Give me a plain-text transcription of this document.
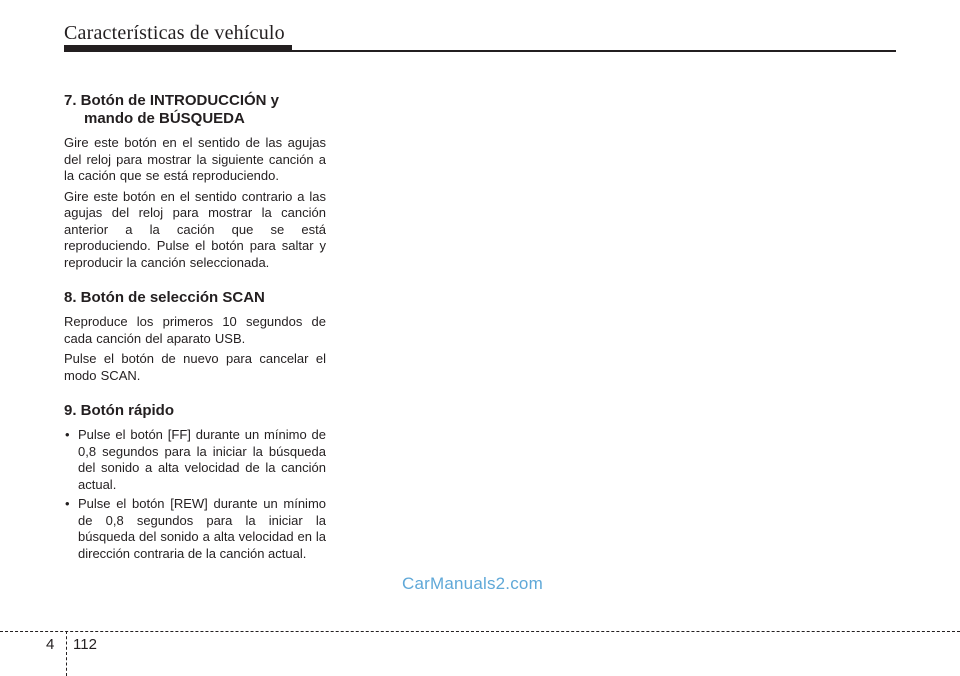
Características de vehículo
7. Botón de INTRODUCCIÓN y
mando de BÚSQUEDA

Gire este botón en el sentido de las agujas del reloj para mostrar la siguiente canción a la cación que se está reproduciendo.

Gire este botón en el sentido contrario a las agujas del reloj para mostrar la canción anterior a la cación que se está reproduciendo. Pulse el botón para saltar y reproducir la canción seleccionada.

8. Botón de selección SCAN

Reproduce los primeros 10 segundos de cada canción del aparato USB.

Pulse el botón de nuevo para cancelar el modo SCAN.

9. Botón rápido
• Pulse el botón [FF] durante un mínimo de 0,8 segundos para la iniciar la búsqueda del sonido a alta velocidad de la canción actual.
• Pulse el botón [REW] durante un mínimo de 0,8 segundos para la iniciar la búsqueda del sonido a alta velocidad en la dirección contraria de la canción actual.
CarManuals2.com
4 112
